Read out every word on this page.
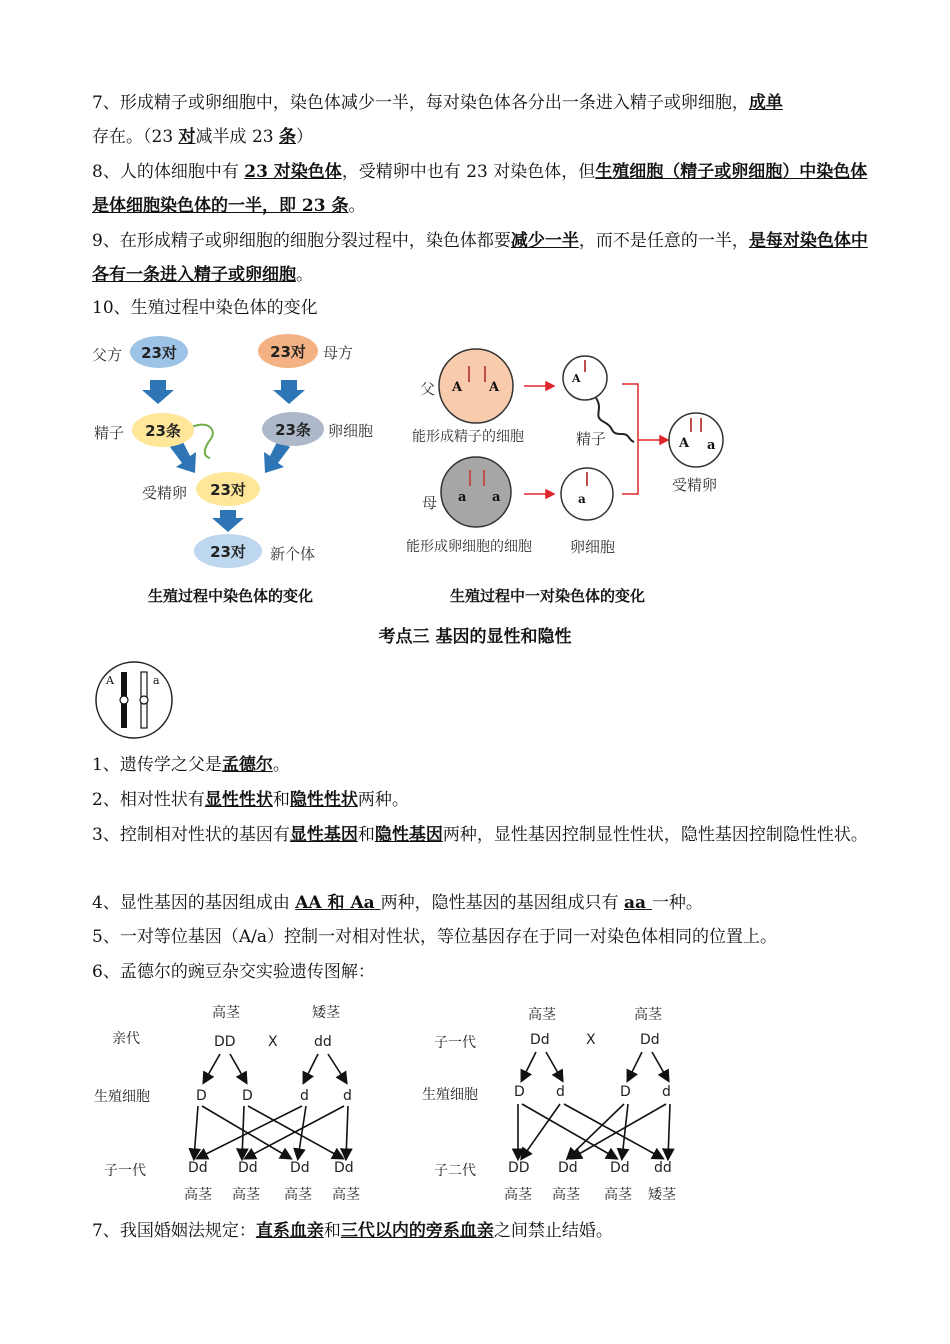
7、形成精子或卵细胞中，染色体减少一半，每对染色体各分出一条进入精子或卵细胞，成单
存在。（23 对减半成 23 条）

8、人的体细胞中有 23 对染色体，受精卵中也有 23 对染色体，但生殖细胞（精子或卵细胞）中染色体是体细胞染色体的一半，即 23 条。

9、在形成精子或卵细胞的细胞分裂过程中，染色体都要减少一半，而不是任意的一半，是每对染色体中各有一条进入精子或卵细胞。

10、生殖过程中染色体的变化

父方	23对	23对	母方
精子	23条	23条	卵细胞
受精卵	23对
23对	新个体
生殖过程中染色体的变化
父 A A
能形成精子的细胞
母 a a
能形成卵细胞的细胞
A
精子
a
卵细胞
A a
受精卵
生殖过程中一对染色体的变化
考点三 基因的显性和隐性
A	a

1、遗传学之父是孟德尔。

2、相对性状有显性性状和隐性性状两种。

3、控制相对性状的基因有显性基因和隐性基因两种，显性基因控制显性性状，隐性基因控制隐性性状。

4、显性基因的基因组成由 AA 和 Aa 两种，隐性基因的基因组成只有 aa 一种。

5、一对等位基因（A/a）控制一对相对性状，等位基因存在于同一对染色体相同的位置上。

6、孟德尔的豌豆杂交实验遗传图解：

高茎	矮茎
亲代	DD X	dd
生殖细胞	D	D	d d
子一代	Dd Dd Dd Dd
高茎 高茎 高茎 高茎
高茎	高茎
子一代	Dd	X	Dd
生殖细胞	D d	D d
子二代 DD Dd Dd dd
高茎 高茎 高茎 矮茎

7、我国婚姻法规定：直系血亲和三代以内的旁系血亲之间禁止结婚。
